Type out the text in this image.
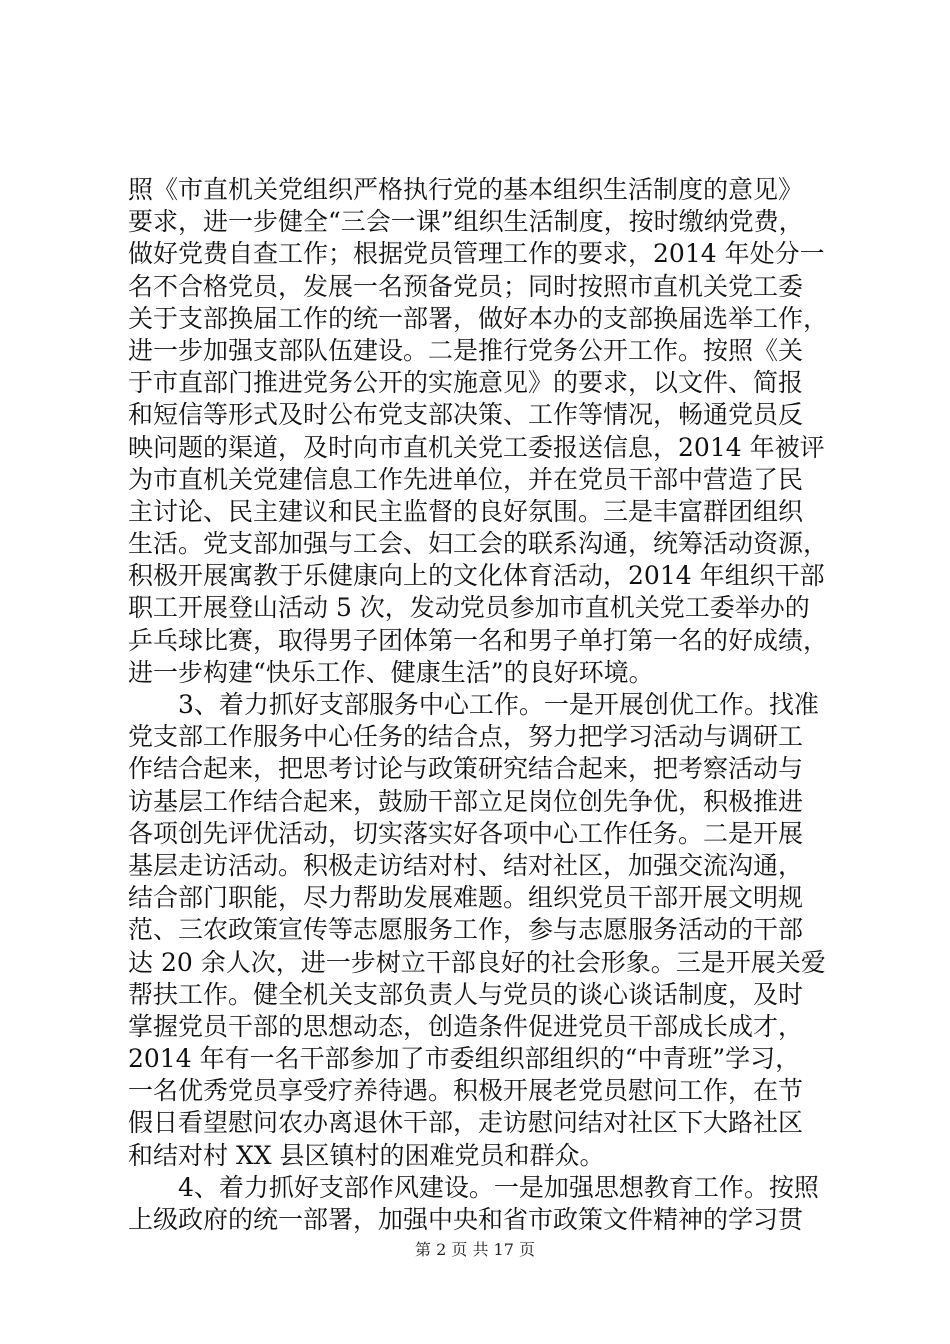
照《市直机关党组织严格执行党的基本组织生活制度的意见》
要求，进一步健全“三会一课”组织生活制度，按时缴纳党费，
做好党费自查工作；根据党员管理工作的要求，2014 年处分一
名不合格党员，发展一名预备党员；同时按照市直机关党工委
关于支部换届工作的统一部署，做好本办的支部换届选举工作，
进一步加强支部队伍建设。二是推行党务公开工作。按照《关
于市直部门推进党务公开的实施意见》的要求，以文件、简报
和短信等形式及时公布党支部决策、工作等情况，畅通党员反
映问题的渠道，及时向市直机关党工委报送信息，2014 年被评
为市直机关党建信息工作先进单位，并在党员干部中营造了民
主讨论、民主建议和民主监督的良好氛围。三是丰富群团组织
生活。党支部加强与工会、妇工会的联系沟通，统筹活动资源，
积极开展寓教于乐健康向上的文化体育活动，2014 年组织干部
职工开展登山活动 5 次，发动党员参加市直机关党工委举办的
乒乓球比赛，取得男子团体第一名和男子单打第一名的好成绩，
进一步构建“快乐工作、健康生活”的良好环境。
　　3、着力抓好支部服务中心工作。一是开展创优工作。找准
党支部工作服务中心任务的结合点，努力把学习活动与调研工
作结合起来，把思考讨论与政策研究结合起来，把考察活动与
访基层工作结合起来，鼓励干部立足岗位创先争优，积极推进
各项创先评优活动，切实落实好各项中心工作任务。二是开展
基层走访活动。积极走访结对村、结对社区，加强交流沟通，
结合部门职能，尽力帮助发展难题。组织党员干部开展文明规
范、三农政策宣传等志愿服务工作，参与志愿服务活动的干部
达 20 余人次，进一步树立干部良好的社会形象。三是开展关爱
帮扶工作。健全机关支部负责人与党员的谈心谈话制度，及时
掌握党员干部的思想动态，创造条件促进党员干部成长成才，
2014 年有一名干部参加了市委组织部组织的“中青班”学习，
一名优秀党员享受疗养待遇。积极开展老党员慰问工作，在节
假日看望慰问农办离退休干部，走访慰问结对社区下大路社区
和结对村 XX 县区镇村的困难党员和群众。
　　4、着力抓好支部作风建设。一是加强思想教育工作。按照
上级政府的统一部署，加强中央和省市政策文件精神的学习贯
第 2 页 共 17 页
